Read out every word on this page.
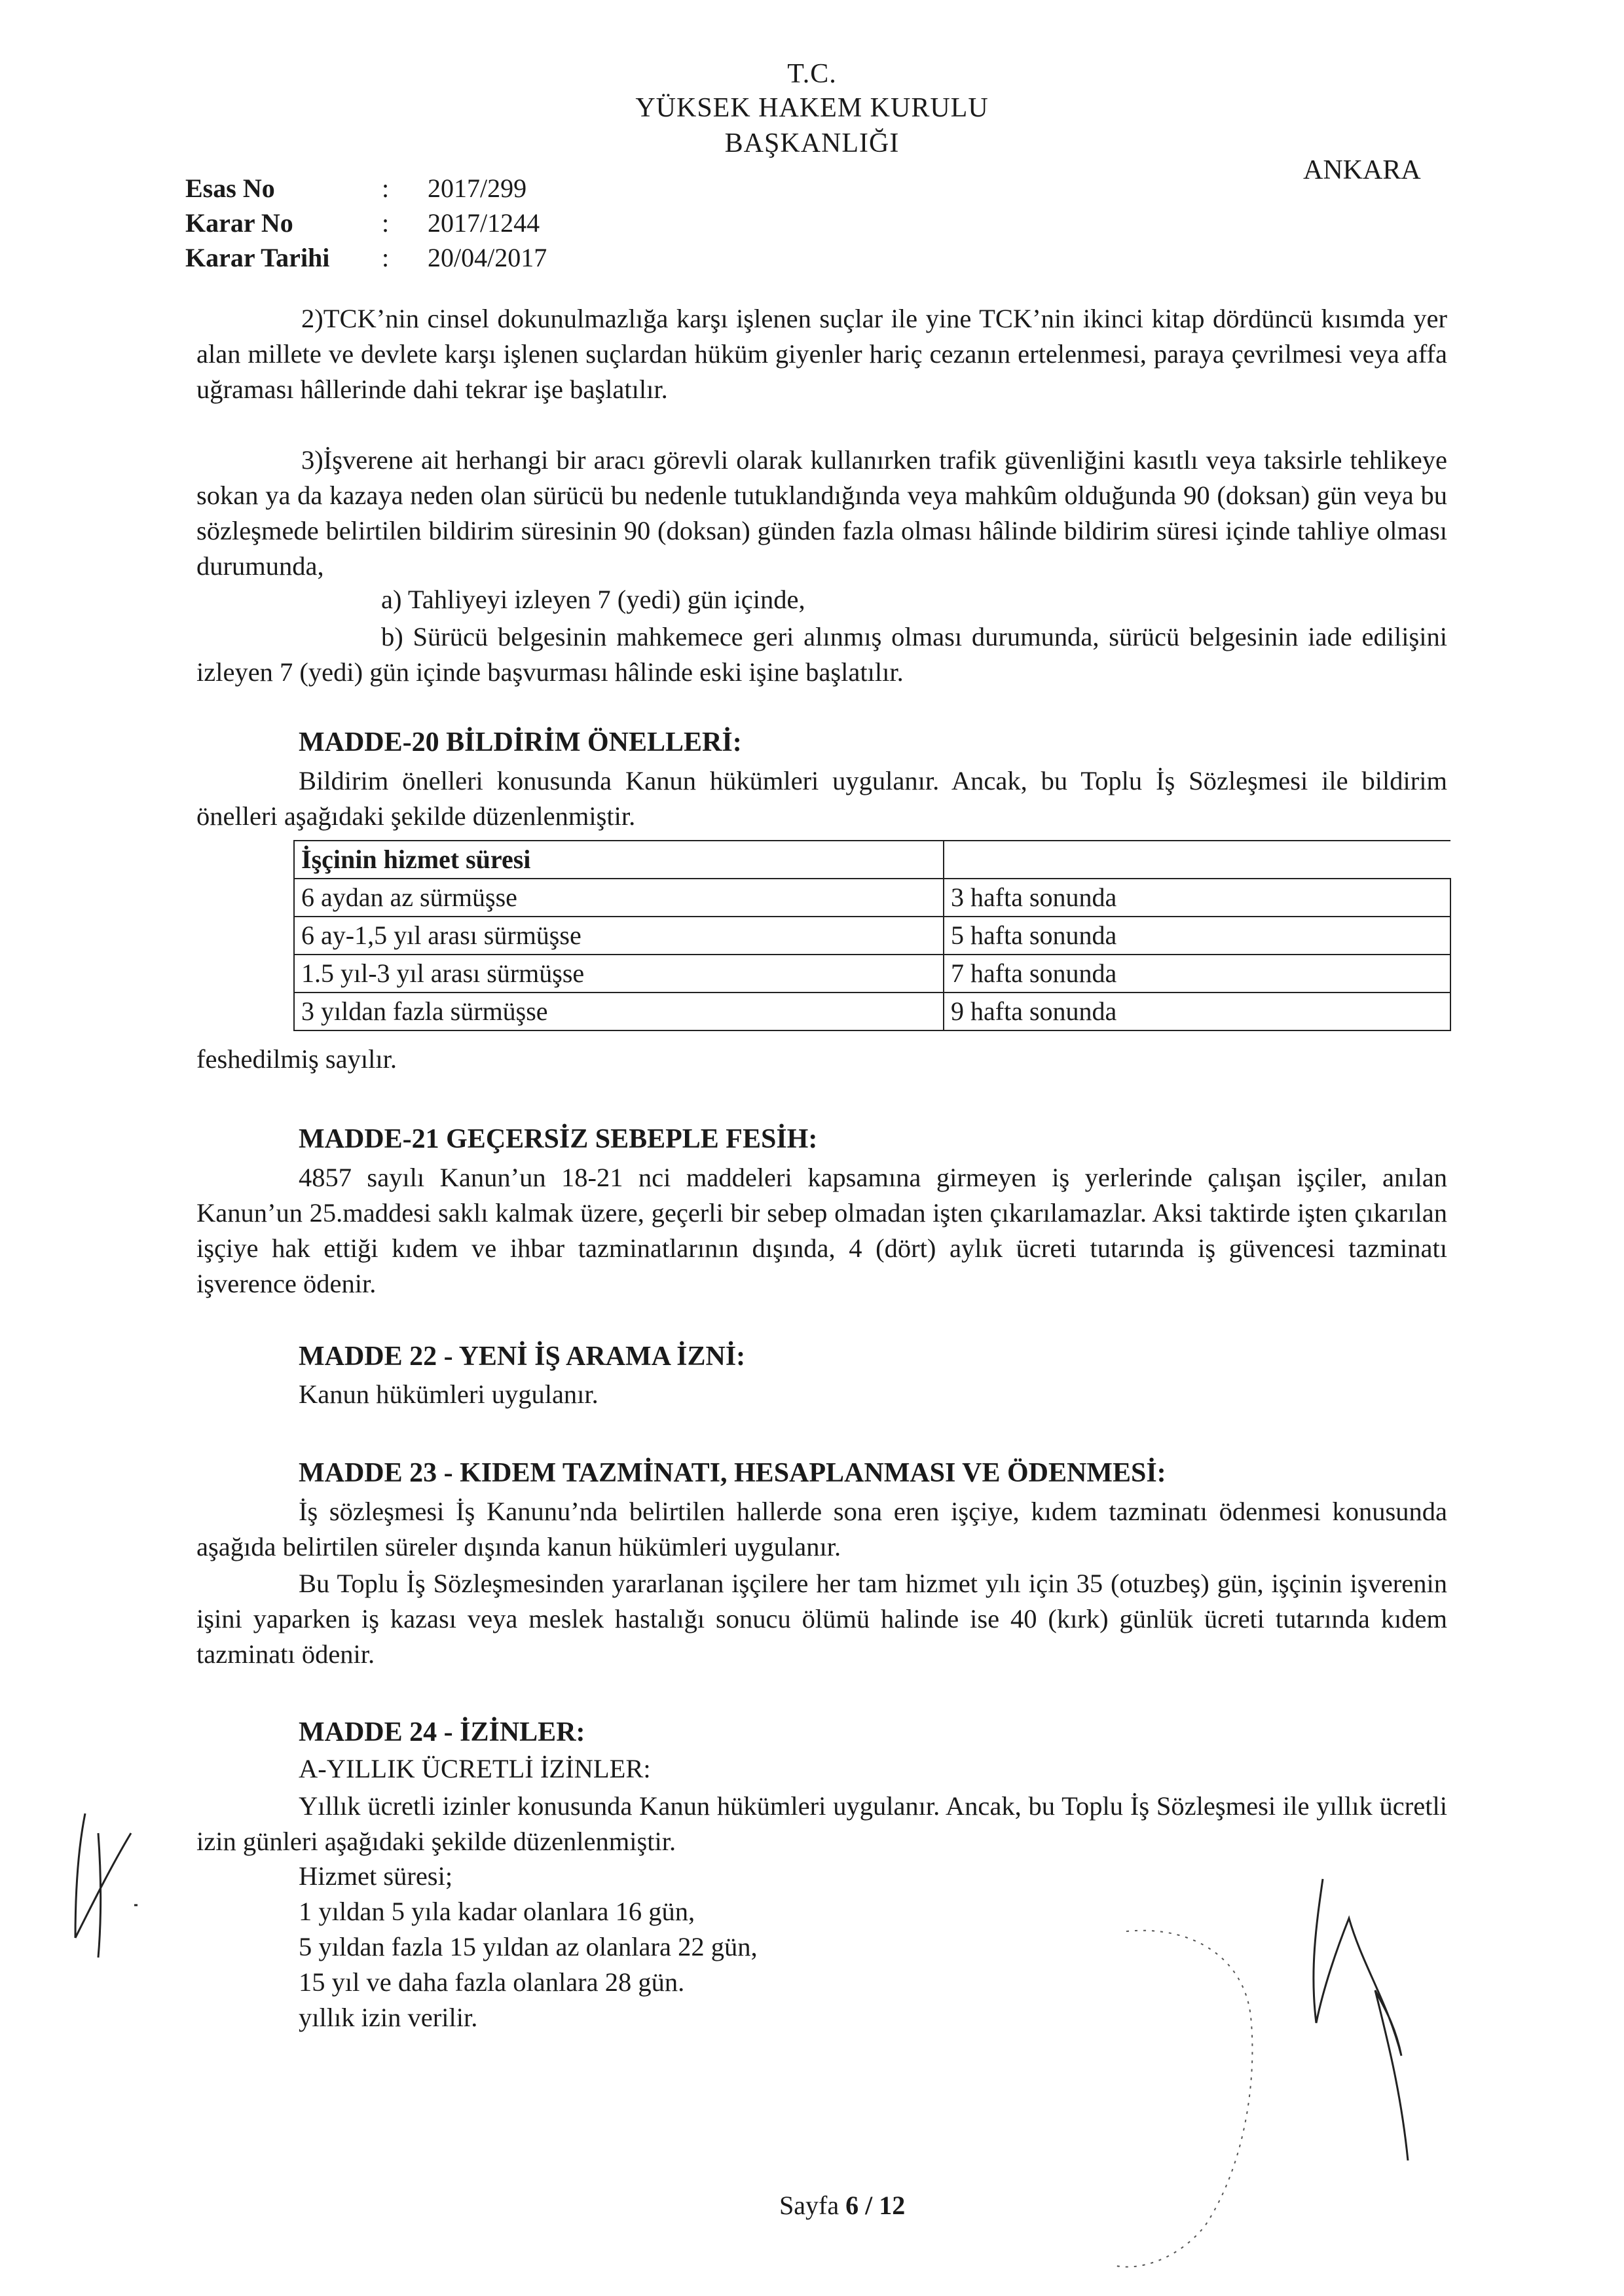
T.C.
YÜKSEK HAKEM KURULU
BAŞKANLIĞI
ANKARA
Esas No	: 2017/299
Karar No	: 2017/1244
Karar Tarihi : 20/04/2017
2)TCK’nin cinsel dokunulmazlığa karşı işlenen suçlar ile yine TCK’nin ikinci kitap dördüncü kısımda yer alan millete ve devlete karşı işlenen suçlardan hüküm giyenler hariç cezanın ertelenmesi, paraya çevrilmesi veya affa uğraması hâllerinde dahi tekrar işe başlatılır.
3)İşverene ait herhangi bir aracı görevli olarak kullanırken trafik güvenliğini kasıtlı veya taksirle tehlikeye sokan ya da kazaya neden olan sürücü bu nedenle tutuklandığında veya mahkûm olduğunda 90 (doksan) gün veya bu sözleşmede belirtilen bildirim süresinin 90 (doksan) günden fazla olması hâlinde bildirim süresi içinde tahliye olması durumunda,
a) Tahliyeyi izleyen 7 (yedi) gün içinde,
b) Sürücü belgesinin mahkemece geri alınmış olması durumunda, sürücü belgesinin iade edilişini izleyen 7 (yedi) gün içinde başvurması hâlinde eski işine başlatılır.
MADDE-20 BİLDİRİM ÖNELLERİ:
Bildirim önelleri konusunda Kanun hükümleri uygulanır. Ancak, bu Toplu İş Sözleşmesi ile bildirim önelleri aşağıdaki şekilde düzenlenmiştir.
İşçinin hizmet süresi	
6 aydan az sürmüşse	3 hafta sonunda
6 ay-1,5 yıl arası sürmüşse	5 hafta sonunda
1.5 yıl-3 yıl arası sürmüşse	7 hafta sonunda
3 yıldan fazla sürmüşse	9 hafta sonunda
feshedilmiş sayılır.
MADDE-21 GEÇERSİZ SEBEPLE FESİH:
4857 sayılı Kanun’un 18-21 nci maddeleri kapsamına girmeyen iş yerlerinde çalışan işçiler, anılan Kanun’un 25.maddesi saklı kalmak üzere, geçerli bir sebep olmadan işten çıkarılamazlar. Aksi taktirde işten çıkarılan işçiye hak ettiği kıdem ve ihbar tazminatlarının dışında, 4 (dört) aylık ücreti tutarında iş güvencesi tazminatı işverence ödenir.
MADDE 22 - YENİ İŞ ARAMA İZNİ:
Kanun hükümleri uygulanır.
MADDE 23 - KIDEM TAZMİNATI, HESAPLANMASI VE ÖDENMESİ:
İş sözleşmesi İş Kanunu’nda belirtilen hallerde sona eren işçiye, kıdem tazminatı ödenmesi konusunda aşağıda belirtilen süreler dışında kanun hükümleri uygulanır.
Bu Toplu İş Sözleşmesinden yararlanan işçilere her tam hizmet yılı için 35 (otuzbeş) gün, işçinin işverenin işini yaparken iş kazası veya meslek hastalığı sonucu ölümü halinde ise 40 (kırk) günlük ücreti tutarında kıdem tazminatı ödenir.
MADDE 24 - İZİNLER:
A-YILLIK ÜCRETLİ İZİNLER:
Yıllık ücretli izinler konusunda Kanun hükümleri uygulanır. Ancak, bu Toplu İş Sözleşmesi ile yıllık ücretli izin günleri aşağıdaki şekilde düzenlenmiştir.
Hizmet süresi;
1 yıldan 5 yıla kadar olanlara 16 gün,
5 yıldan fazla 15 yıldan az olanlara 22 gün,
15 yıl ve daha fazla olanlara 28 gün.
yıllık izin verilir.
Sayfa 6 / 12
